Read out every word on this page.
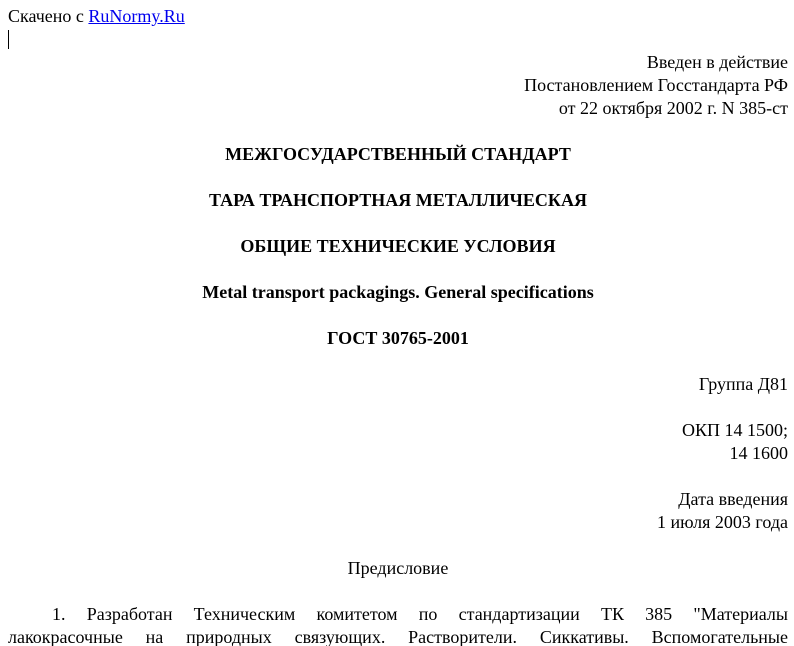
Скачено с RuNormy.Ru
Введен в действие
Постановлением Госстандарта РФ
от 22 октября 2002 г. N 385-ст
МЕЖГОСУДАРСТВЕННЫЙ СТАНДАРТ
ТАРА ТРАНСПОРТНАЯ МЕТАЛЛИЧЕСКАЯ
ОБЩИЕ ТЕХНИЧЕСКИЕ УСЛОВИЯ
Metal transport packagings. General specifications
ГОСТ 30765-2001
Группа Д81
ОКП 14 1500;
14 1600
Дата введения
1 июля 2003 года
Предисловие
1. Разработан Техническим комитетом по стандартизации ТК 385 "Материалы
лакокрасочные на природных связующих. Растворители. Сиккативы. Вспомогательные
